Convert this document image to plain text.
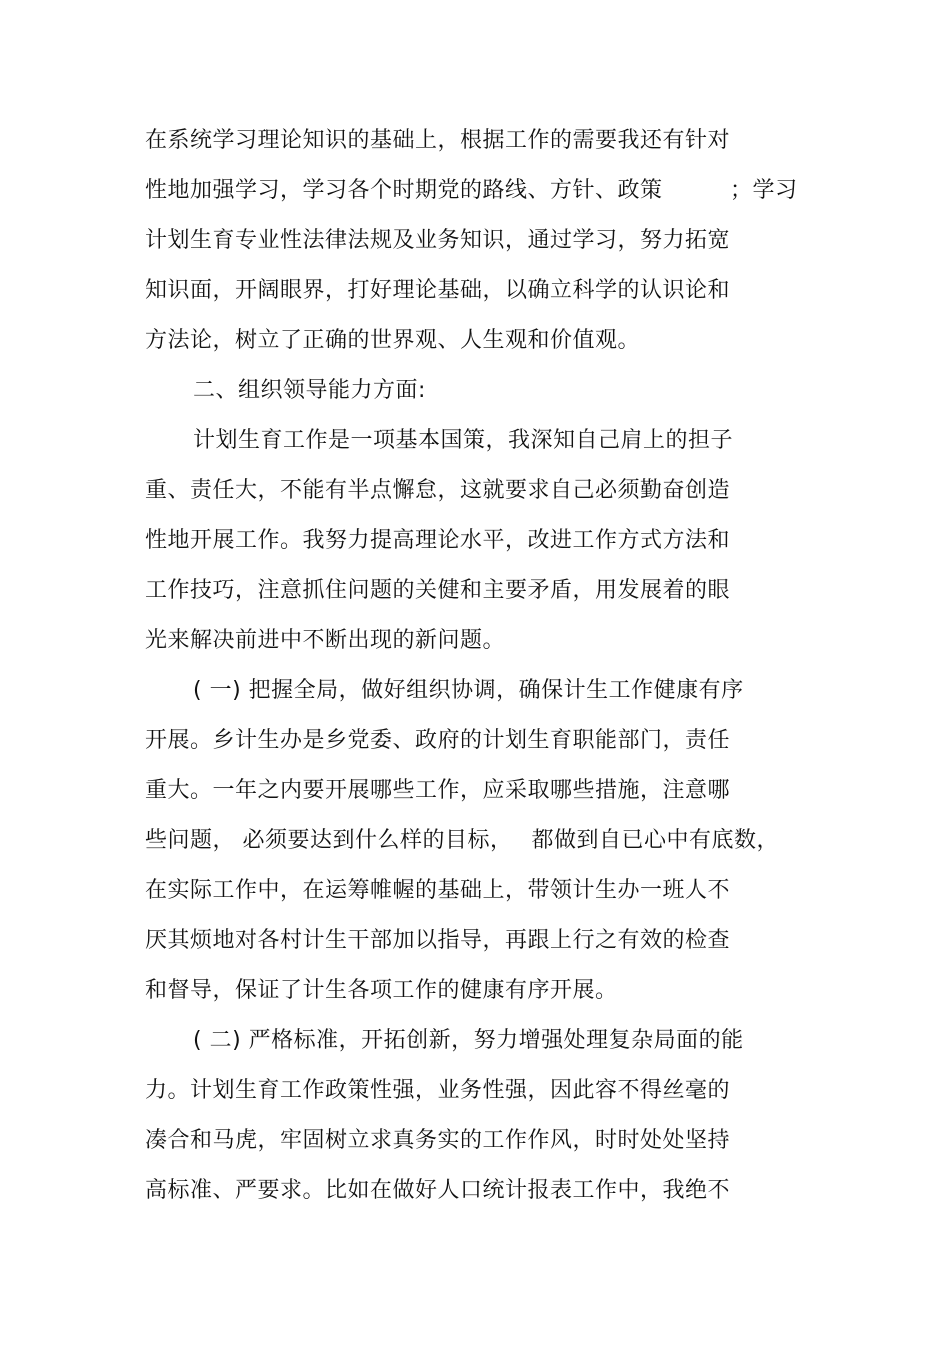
在系统学习理论知识的基础上，根据工作的需要我还有针对
性地加强学习，学习各个时期党的路线、方针、政策　　　；学习
计划生育专业性法律法规及业务知识，通过学习，努力拓宽
知识面，开阔眼界，打好理论基础，以确立科学的认识论和
方法论，树立了正确的世界观、人生观和价值观。
二、组织领导能力方面:
计划生育工作是一项基本国策，我深知自己肩上的担子
重、责任大，不能有半点懈怠，这就要求自己必须勤奋创造
性地开展工作。我努力提高理论水平，改进工作方式方法和
工作技巧，注意抓住问题的关健和主要矛盾，用发展着的眼
光来解决前进中不断出现的新问题。
( 一) 把握全局，做好组织协调，确保计生工作健康有序
开展。乡计生办是乡党委、政府的计划生育职能部门，责任
重大。一年之内要开展哪些工作，应采取哪些措施，注意哪
些问题， 必须要达到什么样的目标，　 都做到自已心中有底数，
在实际工作中，在运筹帷幄的基础上，带领计生办一班人不
厌其烦地对各村计生干部加以指导，再跟上行之有效的检查
和督导，保证了计生各项工作的健康有序开展。
( 二) 严格标准，开拓创新，努力增强处理复杂局面的能
力。计划生育工作政策性强，业务性强，因此容不得丝毫的
凑合和马虎，牢固树立求真务实的工作作风，时时处处坚持
高标准、严要求。比如在做好人口统计报表工作中，我绝不
